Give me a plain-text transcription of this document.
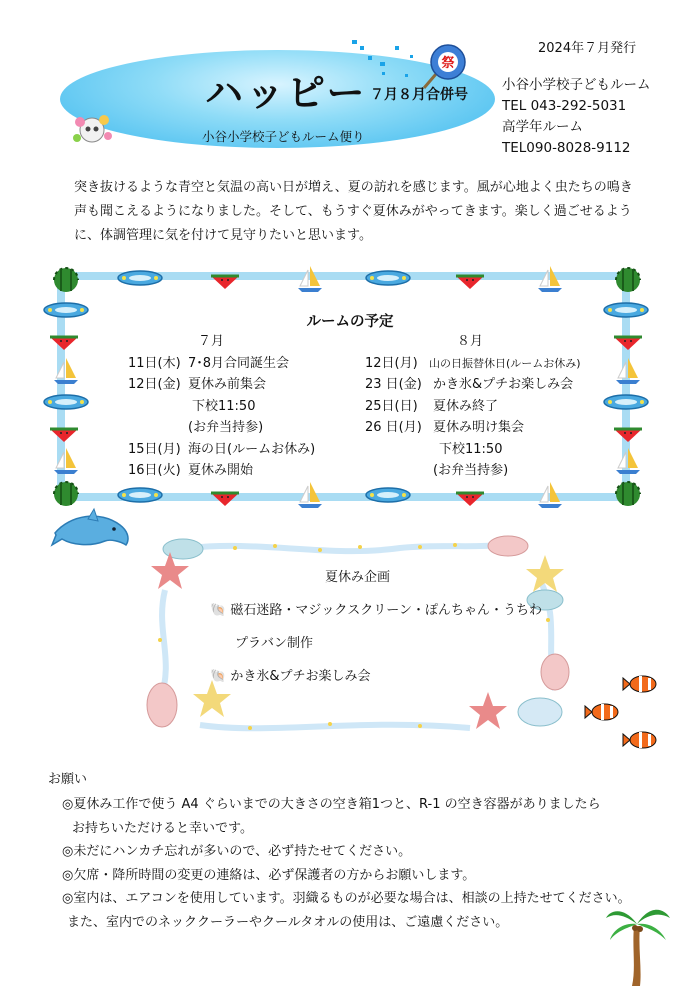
2024年７月発行
ハッピー ７月８月合併号
小谷小学校子どもルーム便り
祭
小谷小学校子どもルーム
TEL 043-292-5031
高学年ルーム
TEL090-8028-9112
突き抜けるような青空と気温の高い日が増え、夏の訪れを感じます。風が心地よく虫たちの鳴き声も聞こえるようになりました。そして、もうすぐ夏休みがやってきます。楽しく過ごせるように、体調管理に気を付けて見守りたいと思います。
ルームの予定
７月
11日(木) 7･8月合同誕生会
12日(金) 夏休み前集会
下校11:50
(お弁当持参)
15日(月) 海の日(ルームお休み)
16日(火) 夏休み開始
８月
12日(月)	山の日振替休日(ルームお休み)
23 日(金) かき氷&プチお楽しみ会
25日(日)	夏休み終了
26 日(月) 夏休み明け集会
下校11:50
(お弁当持参)
夏休み企画
🐚 磁石迷路・マジックスクリーン・ぽんちゃん・うちわ
プラバン制作
🐚 かき氷&プチお楽しみ会
お願い
◎夏休み工作で使う A4 ぐらいまでの大きさの空き箱1つと、R-1 の空き容器がありましたら
お持ちいただけると幸いです。
◎未だにハンカチ忘れが多いので、必ず持たせてください。
◎欠席・降所時間の変更の連絡は、必ず保護者の方からお願いします。
◎室内は、エアコンを使用しています。羽織るものが必要な場合は、相談の上持たせてください。
また、室内でのネッククーラーやクールタオルの使用は、ご遠慮ください。
